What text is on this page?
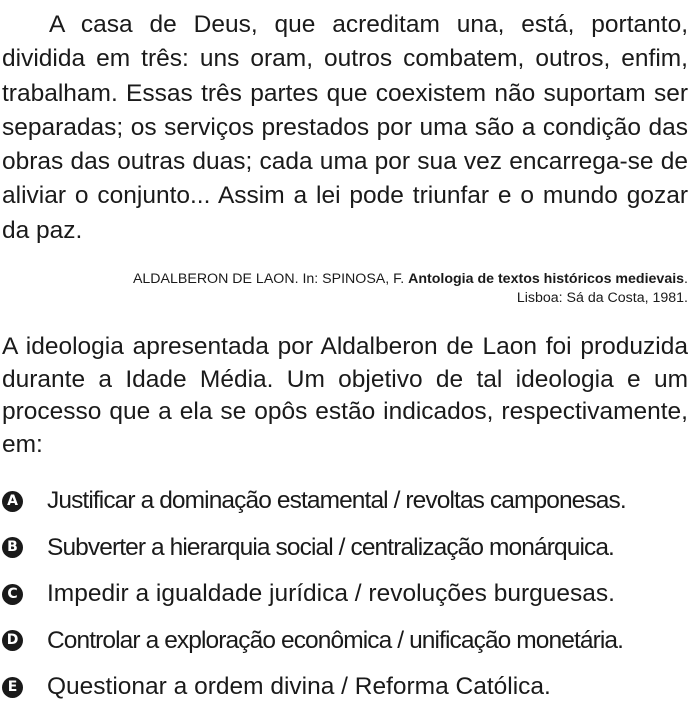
A casa de Deus, que acreditam una, está, portanto, dividida em três: uns oram, outros combatem, outros, enfim, trabalham. Essas três partes que coexistem não suportam ser separadas; os serviços prestados por uma são a condição das obras das outras duas; cada uma por sua vez encarrega-se de aliviar o conjunto... Assim a lei pode triunfar e o mundo gozar da paz.

ALDALBERON DE LAON. In: SPINOSA, F. Antologia de textos históricos medievais. Lisboa: Sá da Costa, 1981.

A ideologia apresentada por Aldalberon de Laon foi produzida durante a Idade Média. Um objetivo de tal ideologia e um processo que a ela se opôs estão indicados, respectivamente, em:

A Justificar a dominação estamental / revoltas camponesas.
B Subverter a hierarquia social / centralização monárquica.
C Impedir a igualdade jurídica / revoluções burguesas.
D Controlar a exploração econômica / unificação monetária.
E Questionar a ordem divina / Reforma Católica.
